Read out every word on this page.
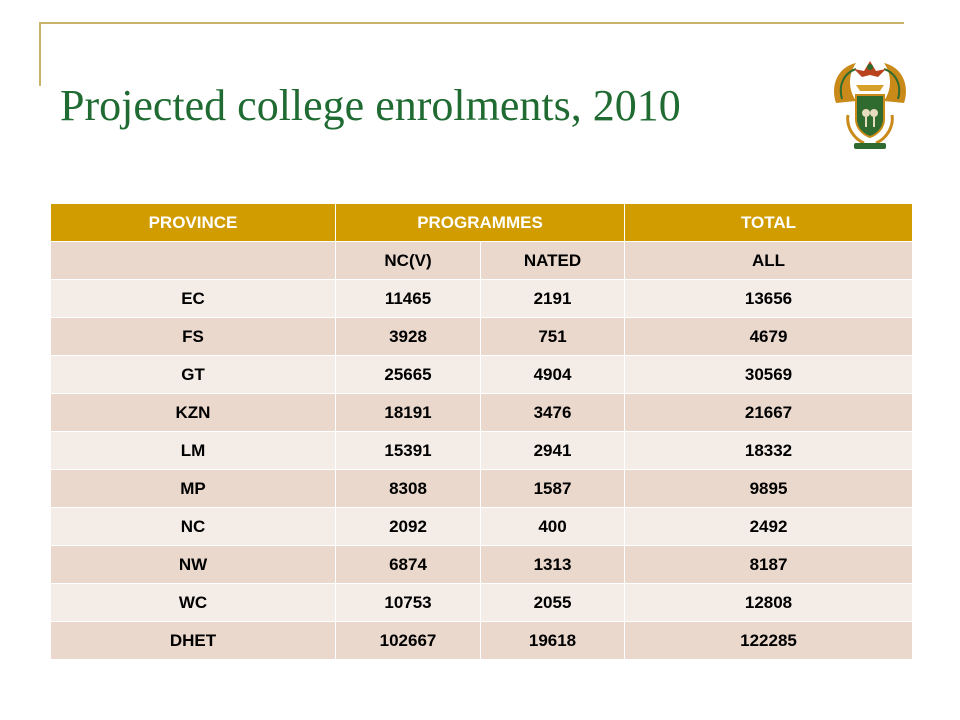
Projected college enrolments, 2010
PROVINCE	PROGRAMMES		TOTAL
	NC(V)	NATED	ALL
EC	11465	2191	13656
FS	3928	751	4679
GT	25665	4904	30569
KZN	18191	3476	21667
LM	15391	2941	18332
MP	8308	1587	9895
NC	2092	400	2492
NW	6874	1313	8187
WC	10753	2055	12808
DHET	102667	19618	122285
